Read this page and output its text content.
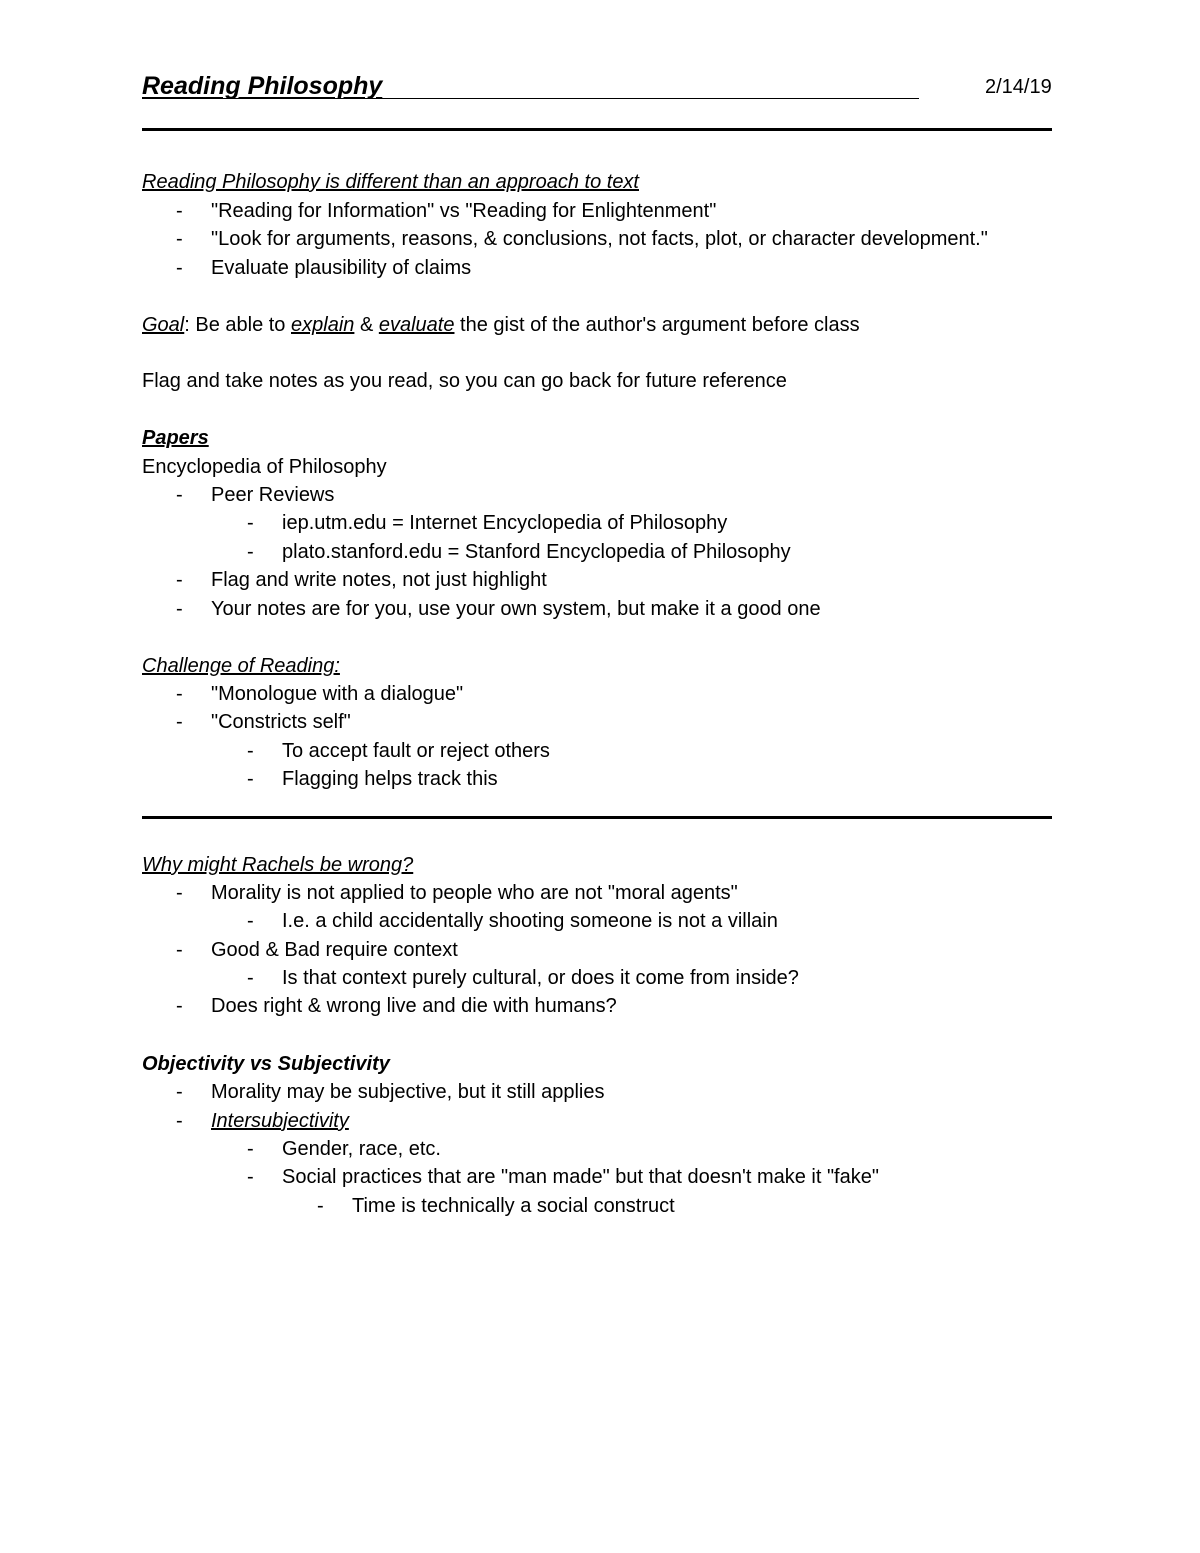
Reading Philosophy	2/14/19
Reading Philosophy is different than an approach to text
- "Reading for Information" vs "Reading for Enlightenment"
- "Look for arguments, reasons, & conclusions, not facts, plot, or character development."
- Evaluate plausibility of claims
Goal: Be able to explain & evaluate the gist of the author's argument before class
Flag and take notes as you read, so you can go back for future reference
Papers
Encyclopedia of Philosophy
- Peer Reviews
- iep.utm.edu = Internet Encyclopedia of Philosophy
- plato.stanford.edu = Stanford Encyclopedia of Philosophy
- Flag and write notes, not just highlight
- Your notes are for you, use your own system, but make it a good one
Challenge of Reading:
- "Monologue with a dialogue"
- "Constricts self"
- To accept fault or reject others
- Flagging helps track this
Why might Rachels be wrong?
- Morality is not applied to people who are not "moral agents"
- I.e. a child accidentally shooting someone is not a villain
- Good & Bad require context
- Is that context purely cultural, or does it come from inside?
- Does right & wrong live and die with humans?
Objectivity vs Subjectivity
- Morality may be subjective, but it still applies
- Intersubjectivity
- Gender, race, etc.
- Social practices that are "man made" but that doesn't make it "fake"
- Time is technically a social construct
